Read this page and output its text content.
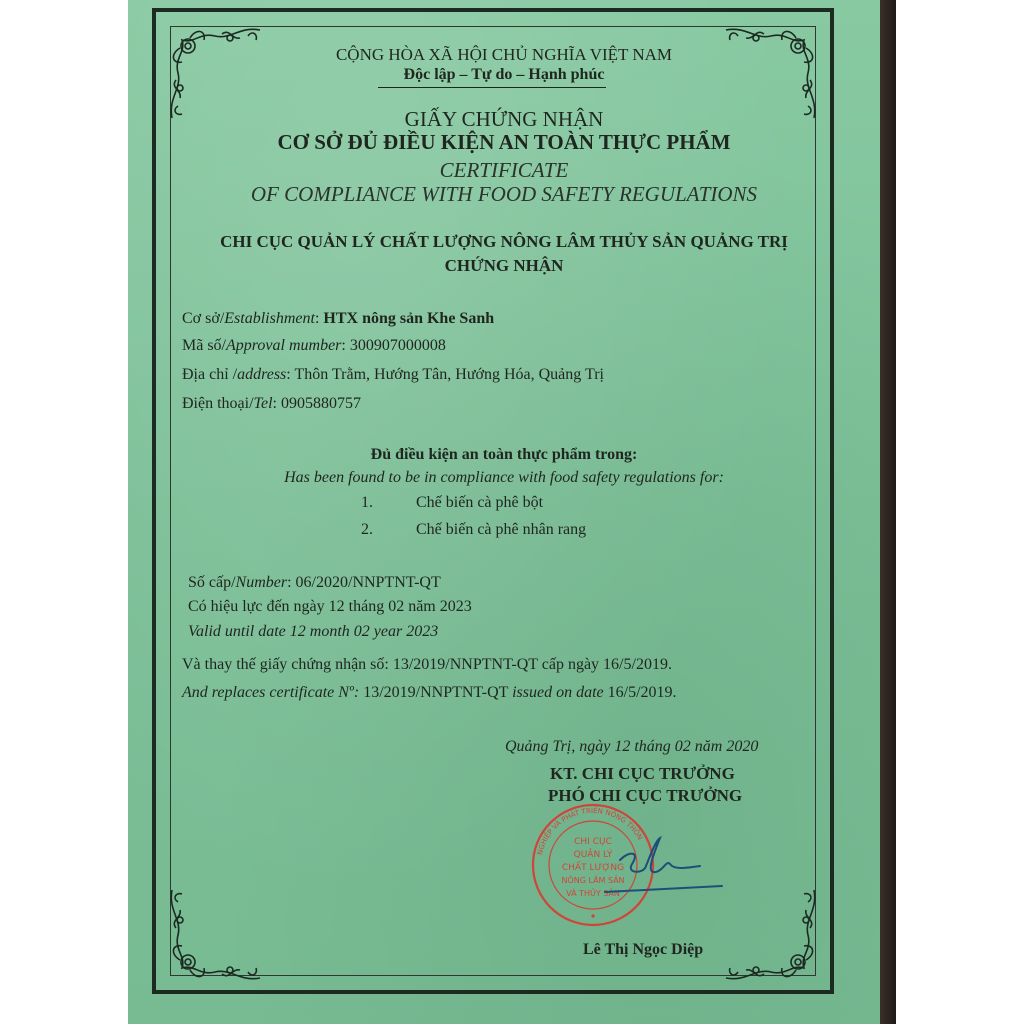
CỘNG HÒA XÃ HỘI CHỦ NGHĨA VIỆT NAM
Độc lập – Tự do – Hạnh phúc
GIẤY CHỨNG NHẬN
CƠ SỞ ĐỦ ĐIỀU KIỆN AN TOÀN THỰC PHẨM
CERTIFICATE
OF COMPLIANCE WITH FOOD SAFETY REGULATIONS
CHI CỤC QUẢN LÝ CHẤT LƯỢNG NÔNG LÂM THỦY SẢN QUẢNG TRỊ
CHỨNG NHẬN
Cơ sở/Establishment: HTX nông sản Khe Sanh
Mã số/Approval mumber: 300907000008
Địa chỉ /address: Thôn Trằm, Hướng Tân, Hướng Hóa, Quảng Trị
Điện thoại/Tel: 0905880757
Đủ điều kiện an toàn thực phẩm trong:
Has been found to be in compliance with food safety regulations for:
1.	Chế biến cà phê bột
2.	Chế biến cà phê nhân rang
Số cấp/Number: 06/2020/NNPTNT-QT
Có hiệu lực đến ngày 12 tháng 02 năm 2023
Valid until date 12 month 02 year 2023
Và thay thế giấy chứng nhận số: 13/2019/NNPTNT-QT cấp ngày 16/5/2019.
And replaces certificate Nº: 13/2019/NNPTNT-QT issued on date 16/5/2019.
Quảng Trị, ngày 12 tháng 02 năm 2020
KT. CHI CỤC TRƯỞNG
PHÓ CHI CỤC TRƯỞNG
CHI CỤC
QUẢN LÝ
CHẤT LƯỢNG
NÔNG LÂM SẢN
VÀ THỦY SẢN
NGHIỆP VÀ PHÁT TRIỂN NÔNG THÔN
Lê Thị Ngọc Diệp
